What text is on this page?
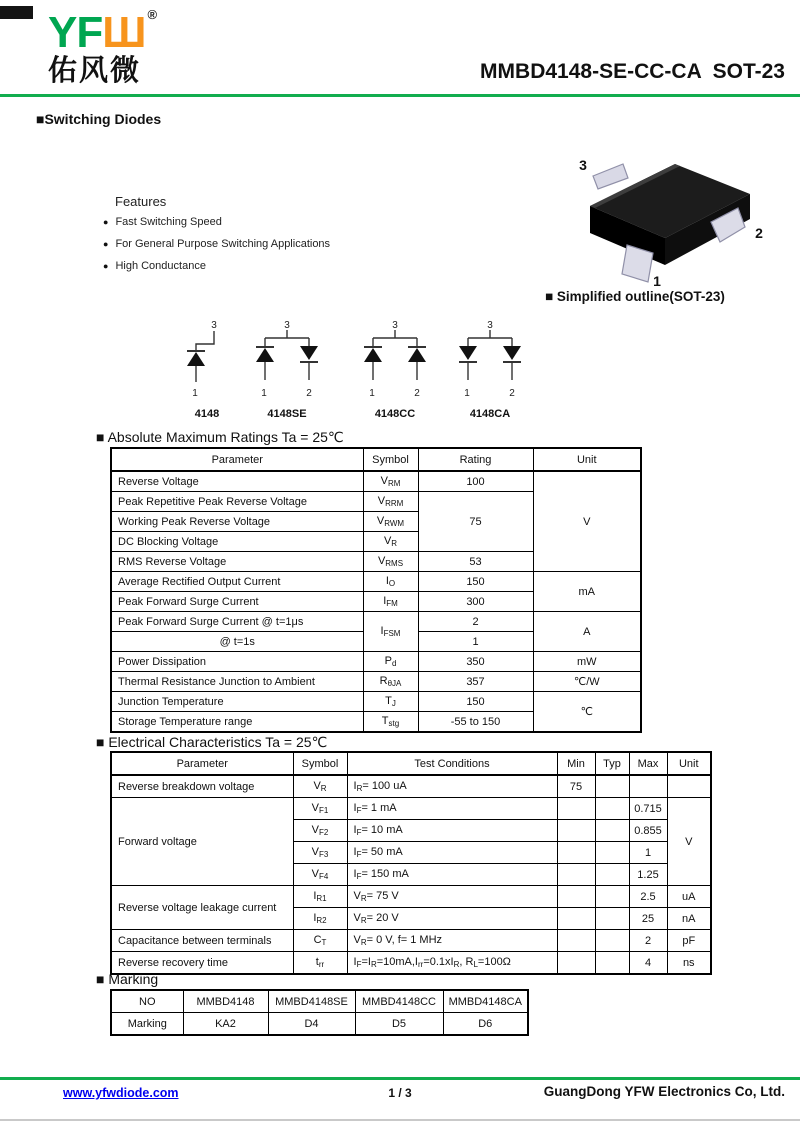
YFШ ®
佑风微	MMBD4148-SE-CC-CA  SOT-23
■Switching Diodes
Features
● Fast Switching Speed
● For General Purpose Switching Applications
● High Conductance
3
2
1
■ Simplified outline(SOT-23)
3
1
4148
3
1	2
4148SE
3
1	2
4148CC
3
1	2
4148CA
■ Absolute Maximum Ratings Ta = 25℃
Parameter	Symbol	Rating	Unit
Reverse Voltage	$V_{RM}$	100	V
Peak Repetitive Peak Reverse Voltage	$V_{RRM}$	75	
Working Peak Reverse Voltage	$V_{RWM}$
DC Blocking Voltage	$V_R$
RMS Reverse Voltage	$V_{RMS}$	53	
Average Rectified Output Current	$I_O$	150	mA
Peak Forward Surge Current	$I_{FM}$	300	
Peak Forward Surge Current @ t=1μs	$I_{FSM}$	2	A
@ t=1s		1	
Power Dissipation	$P_d$	350	mW
Thermal Resistance Junction to Ambient	$R_{\theta JA}$	357	℃/W
Junction Temperature	$T_J$	150	℃
Storage Temperature range	$T_{stg}$	-55 to 150	
■ Electrical Characteristics Ta = 25℃
Parameter	Symbol	Test Conditions	Min	Typ	Max	Unit
Reverse breakdown voltage	$V_R$	$I_R= 100$ uA	75			
Forward voltage	$V_{F1}$	$I_F= 1$ mA			0.715	V
	$V_{F2}$	$I_F= 10$ mA			0.855	
	$V_{F3}$	$I_F= 50$ mA			1	
	$V_{F4}$	$I_F= 150$ mA			1.25	
Reverse voltage leakage current	$I_{R1}$	$V_R= 75$ V			2.5	uA
	$I_{R2}$	$V_R= 20$ V			25	nA
Capacitance between terminals	$C_T$	$V_R= 0$ V, f= 1 MHz			2	pF
Reverse recovery time	$t_{rr}$	$I_F=I_R=10mA,I_{rr}=0.1xI_R$, $R_L=100\Omega$			4	ns
■ Marking
NO	MMBD4148	MMBD4148SE	MMBD4148CC	MMBD4148CA
Marking	KA2	D4	D5	D6
www.yfwdiode.com	1 / 3	GuangDong YFW Electronics Co, Ltd.
